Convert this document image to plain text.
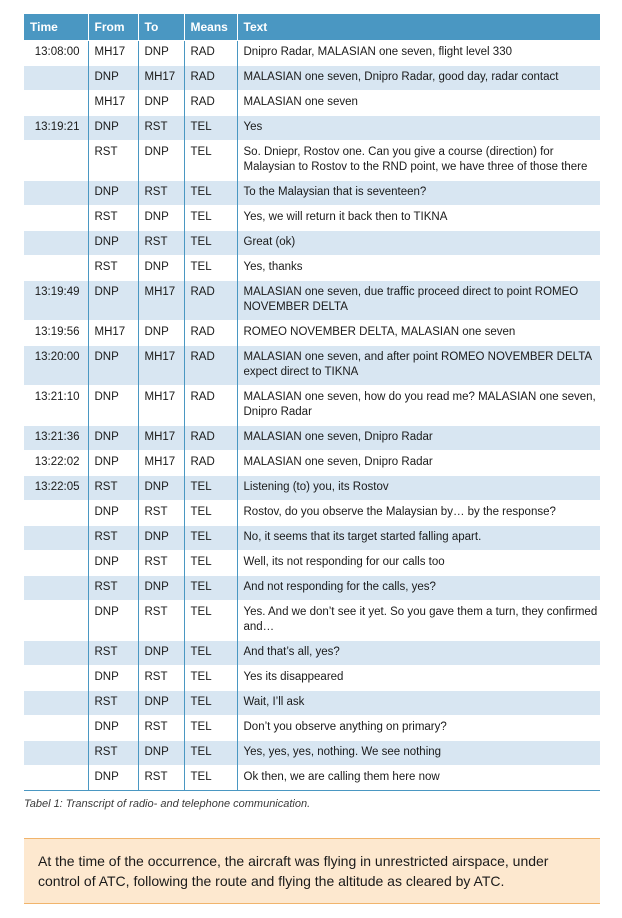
Time	From	To	Means	Text
13:08:00	MH17	DNP	RAD	Dnipro Radar, MALASIAN one seven, flight level 330
	DNP	MH17	RAD	MALASIAN one seven, Dnipro Radar, good day, radar contact
	MH17	DNP	RAD	MALASIAN one seven
13:19:21	DNP	RST	TEL	Yes
	RST	DNP	TEL	So. Dniepr, Rostov one. Can you give a course (direction) for Malaysian to Rostov to the RND point, we have three of those there
	DNP	RST	TEL	To the Malaysian that is seventeen?
	RST	DNP	TEL	Yes, we will return it back then to TIKNA
	DNP	RST	TEL	Great (ok)
	RST	DNP	TEL	Yes, thanks
13:19:49	DNP	MH17	RAD	MALASIAN one seven, due traffic proceed direct to point ROMEO NOVEMBER DELTA
13:19:56	MH17	DNP	RAD	ROMEO NOVEMBER DELTA, MALASIAN one seven
13:20:00	DNP	MH17	RAD	MALASIAN one seven, and after point ROMEO NOVEMBER DELTA expect direct to TIKNA
13:21:10	DNP	MH17	RAD	MALASIAN one seven, how do you read me? MALASIAN one seven, Dnipro Radar
13:21:36	DNP	MH17	RAD	MALASIAN one seven, Dnipro Radar
13:22:02	DNP	MH17	RAD	MALASIAN one seven, Dnipro Radar
13:22:05	RST	DNP	TEL	Listening (to) you, its Rostov
	DNP	RST	TEL	Rostov, do you observe the Malaysian by… by the response?
	RST	DNP	TEL	No, it seems that its target started falling apart.
	DNP	RST	TEL	Well, its not responding for our calls too
	RST	DNP	TEL	And not responding for the calls, yes?
	DNP	RST	TEL	Yes. And we don’t see it yet. So you gave them a turn, they confirmed and…
	RST	DNP	TEL	And that’s all, yes?
	DNP	RST	TEL	Yes its disappeared
	RST	DNP	TEL	Wait, I’ll ask
	DNP	RST	TEL	Don’t you observe anything on primary?
	RST	DNP	TEL	Yes, yes, yes, nothing. We see nothing
	DNP	RST	TEL	Ok then, we are calling them here now
Tabel 1: Transcript of radio- and telephone communication.
At the time of the occurrence, the aircraft was flying in unrestricted airspace, under control of ATC, following the route and flying the altitude as cleared by ATC.
